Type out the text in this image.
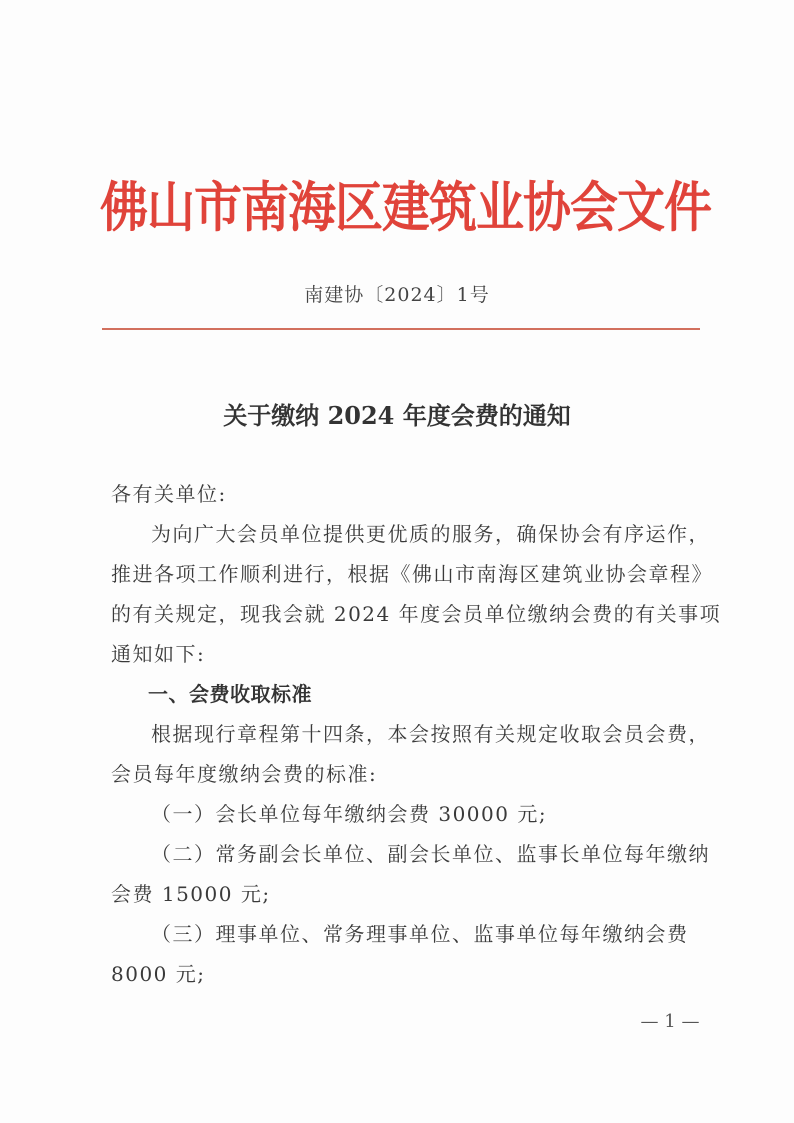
佛山市南海区建筑业协会文件
南建协〔2024〕1号
关于缴纳 2024 年度会费的通知
各有关单位:
为向广大会员单位提供更优质的服务，确保协会有序运作，
推进各项工作顺利进行，根据《佛山市南海区建筑业协会章程》
的有关规定，现我会就 2024 年度会员单位缴纳会费的有关事项
通知如下:
一、会费收取标准
根据现行章程第十四条，本会按照有关规定收取会员会费，
会员每年度缴纳会费的标准:
（一）会长单位每年缴纳会费 30000 元;
（二）常务副会长单位、副会长单位、监事长单位每年缴纳
会费 15000 元;
（三）理事单位、常务理事单位、监事单位每年缴纳会费
8000 元;
— 1 —
